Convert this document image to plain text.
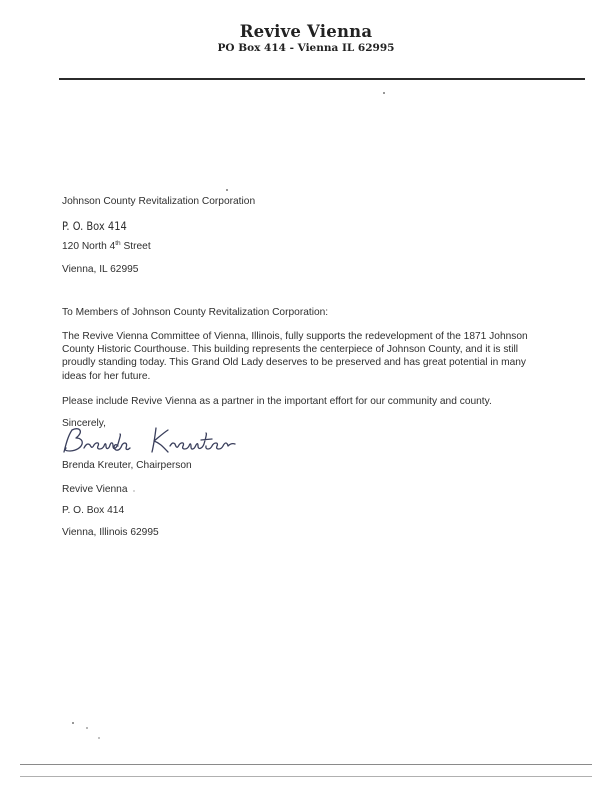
Revive Vienna
PO Box 414 - Vienna IL 62995
Johnson County Revitalization Corporation
P. O. Box 414
120 North 4th Street
Vienna, IL 62995
To Members of Johnson County Revitalization Corporation:
The Revive Vienna Committee of Vienna, Illinois, fully supports the redevelopment of the 1871 Johnson County Historic Courthouse. This building represents the centerpiece of Johnson County, and it is still proudly standing today. This Grand Old Lady deserves to be preserved and has great potential in many ideas for her future.
Please include Revive Vienna as a partner in the important effort for our community and county.
Sincerely,
Brenda Kreuter, Chairperson
Revive Vienna
P. O. Box 414
Vienna, Illinois 62995
